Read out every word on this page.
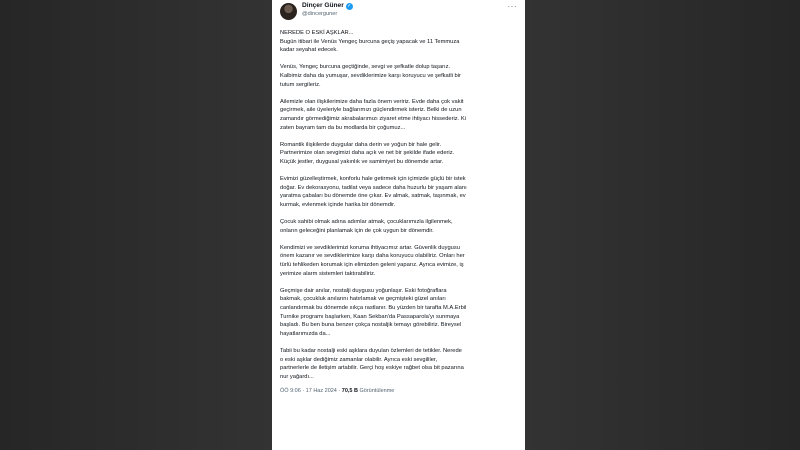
Dinçer Güner ✓
@dincerguner
···
NEREDE O ESKİ AŞKLAR...
Bugün itibari ile Venüs Yengeç burcuna geçiş yapacak ve 11 Temmuza
kadar seyahat edecek.
Venüs, Yengeç burcuna geçtiğinde, sevgi ve şefkatle dolup taşarız.
Kalbimiz daha da yumuşar, sevdiklerimize karşı koruyucu ve şefkatli bir
tutum sergileriz.
Ailemizle olan ilişkilerimize daha fazla önem veririz. Evde daha çok vakit
geçirmek, aile üyeleriyle bağlarımızı güçlendirmek isteriz. Belki de uzun
zamandır görmediğimiz akrabalarımızı ziyaret etme ihtiyacı hissederiz. Ki
zaten bayram tam da bu modlarda bir çoğumuz...
Romantik ilişkilerde duygular daha derin ve yoğun bir hale gelir.
Partnerimize olan sevgimizi daha açık ve net bir şekilde ifade ederiz.
Küçük jestler, duygusal yakınlık ve samimiyet bu dönemde artar.
Evimizi güzelleştirmek, konforlu hale getirmek için içimizde güçlü bir istek
doğar. Ev dekorasyonu, tadilat veya sadece daha huzurlu bir yaşam alanı
yaratma çabaları bu dönemde öne çıkar. Ev almak, satmak, taşınmak, ev
kurmak, evlenmek içinde harika bir dönemdir.
Çocuk sahibi olmak adına adımlar atmak, çocuklarımızla ilgilenmek,
onların geleceğini planlamak için de çok uygun bir dönemdir.
Kendimizi ve sevdiklerimizi koruma ihtiyacımız artar. Güvenlik duygusu
önem kazanır ve sevdiklerimize karşı daha koruyucu olabiliriz. Onları her
türlü tehlikeden korumak için elimizden geleni yaparız. Ayrıca evimize, iş
yerimize alarm sistemleri taktırabiliriz.
Geçmişe dair anılar, nostalji duygusu yoğunlaşır. Eski fotoğraflara
bakmak, çocukluk anılarını hatırlamak ve geçmişteki güzel anıları
canlandırmak bu dönemde sıkça rastlanır. Bu yüzden bir tarafta M.A.Erbil
Turnike programı başlarken, Kaan Sekban'da Passaparola'yı sunmaya
başladı. Bu ben buna benzer çokça nostaljik temayı görebiliriz. Bireysel
hayatlarımızda da...
Tabii bu kadar nostalji eski aşklara duyulan özlemleri de tetikler. Nerede
o eski aşklar dediğimiz zamanlar olabilir. Ayrıca eski sevgililer,
partnerlerle de iletişim artabilir. Gerçi hoş eskiye rağbet olsa bit pazarına
nur yağardı...
ÖÖ 9:06 · 17 Haz 2024 · 70,5 B Görüntülenme
